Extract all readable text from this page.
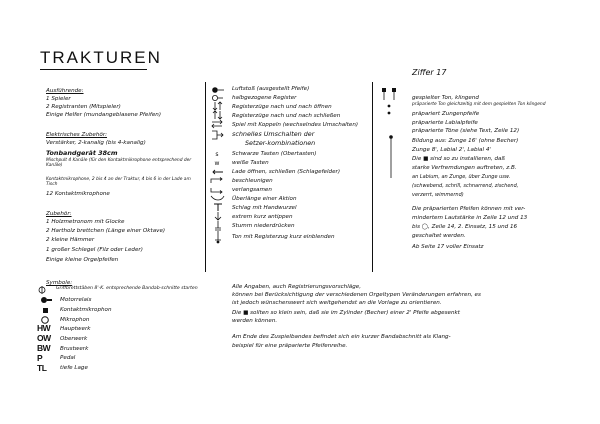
TRAKTUREN
Ausführende:
1 Spieler
2 Registranten (Mitspieler)
Einige Helfer (mundangeblasene Pfeifen)
Elektrisches Zubehör:
Verstärker, 2-kanalig (bis 4-kanalig)
Tonbandgerät 38cm
Mischpult 4 Kanäle (für den Kontaktmikrophone entsprechend der Kanäle)
Kontaktmikrophone, 2 bis 4 an der Traktur, 4 bis 6 in der Lade am Tisch
12 Kontaktmikrophone
Zubehör:
1 Holzmetronom mit Glocke
2 Hartholz brettchen (Länge einer Oktave)
2 kleine Hämmer
1 großer Schlegel (Filz oder Leder)
Einige kleine Orgelpfeifen
Symbole:
Griffbrettstäben 8'-K. entsprechende Bandab-schnitte starten
Motorrelais
Kontaktmikrophon
Mikrophon
HW Hauptwerk
OW Oberwerk
BW Brustwerk
P	Pedal
TL tiefe Lage
Luftstoß (ausgestellt Pfeife)
halbgezogene Register
Registerzüge nach und nach öffnen
Registerzüge nach und nach schließen
Spiel mit Koppeln (wechselndes Umschalten)
schnelles Umschalten der
Setzer-kombinationen
s	Schwarze Tasten (Obertasten)
w	weiße Tasten
Lade öffnen, schließen (Schlagefelder)
beschleunigen
verlangsamen
Überlänge einer Aktion
Schlag mit Handwurzel
extrem kurz antippen
Stumm niederdrücken
Ton mit Registerzug kurz einblenden
Ziffer 17
gespielter Ton, klingend
präparierte Ton gleichzeitig mit dem gespielten Ton klingend
präpariert Zungenpfeife
präparierte Labialpfeife
präparierte Töne (siehe Text, Zeile 12)
Bildung aus: Zunge 16' (ohne Becher)
Zunge 8', Labial 2', Labial 4'
Die ■ sind so zu installieren, daß
starke Verfremdungen auftreten, z.B.
an Labium, an Zunge, über Zunge usw.
(schwebend, schrill, schnarrend, zischend,
verzerrt, wimmernd)
Die präparierten Pfeifen können mit ver-
mindertem Lautstärke in Zeile 12 und 13
bis ◯, Zeile 14, 2. Einsatz, 15 und 16
geschaltet werden.
Ab Seite 17 voller Einsatz
Alle Angaben, auch Registrierungsvorschläge,
können bei Berücksichtigung der verschiedenen Orgeltypen Veränderungen erfahren, es
ist jedoch wünschenswert sich weitgehendst an die Vorlage zu orientieren.
Die ■ sollten so klein sein, daß sie im Zylinder (Becher) einer 2' Pfeife abgesenkt
werden können.
Am Ende des Zuspielbandes befindet sich ein kurzer Bandabschnitt als Klang-
beispiel für eine präparierte Pfeifenreihe.
